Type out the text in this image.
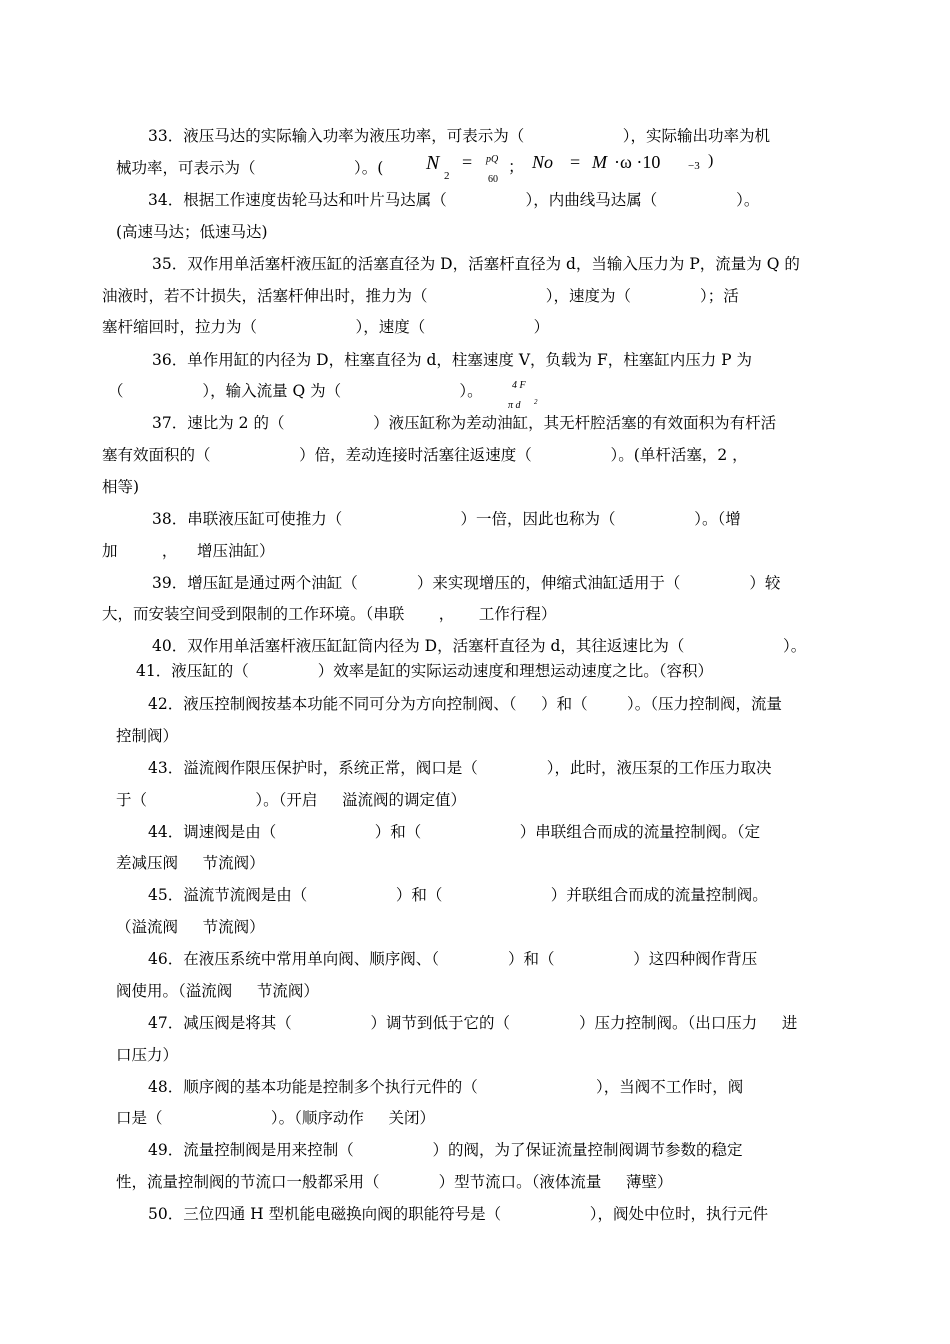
33．液压马达的实际输入功率为液压功率，可表示为（                    ），实际输出功率为机
械功率，可表示为（                    ）。( N
2
= pQ
60
； No = M ·ω ·10	−3 )
34．根据工作速度齿轮马达和叶片马达属（                ），内曲线马达属（                ）。
(高速马达；低速马达)
35．双作用单活塞杆液压缸的活塞直径为 D，活塞杆直径为 d，当输入压力为 P，流量为 Q 的
油液时，若不计损失，活塞杆伸出时，推力为（                        ），速度为（              ）；活
塞杆缩回时，拉力为（                    ），速度（                      ）
36．单作用缸的内径为 D，柱塞直径为 d，柱塞速度 V，负载为 F，柱塞缸内压力 P 为
（                ），输入流量 Q 为（                        ）。	4 F
π d 2
37．速比为 2 的（                  ）液压缸称为差动油缸，其无杆腔活塞的有效面积为有杆活
塞有效面积的（                  ）倍，差动连接时活塞往返速度（                ）。(单杆活塞，2 ，
相等)
38．串联液压缸可使推力（                        ）一倍，因此也称为（                ）。（增
加         ，    增压油缸）
39．增压缸是通过两个油缸（            ）来实现增压的，伸缩式油缸适用于（              ）较
大，而安装空间受到限制的工作环境。（串联       ，     工作行程）
40．双作用单活塞杆液压缸缸筒内径为 D，活塞杆直径为 d，其往返速比为（                    ）。
41．液压缸的（              ）效率是缸的实际运动速度和理想运动速度之比。（容积）
42．液压控制阀按基本功能不同可分为方向控制阀、（     ）和（        ）。（压力控制阀，流量
控制阀）
43．溢流阀作限压保护时，系统正常，阀口是（              ），此时，液压泵的工作压力取决
于（                      ）。（开启     溢流阀的调定值）
44．调速阀是由（                    ）和（                    ）串联组合而成的流量控制阀。（定
差减压阀     节流阀）
45．溢流节流阀是由（                  ）和（                      ）并联组合而成的流量控制阀。
（溢流阀     节流阀）
46．在液压系统中常用单向阀、顺序阀、（              ）和（                ）这四种阀作背压
阀使用。（溢流阀     节流阀）
47．减压阀是将其（                ）调节到低于它的（              ）压力控制阀。（出口压力     进
口压力）
48．顺序阀的基本功能是控制多个执行元件的（                        ），当阀不工作时，阀
口是（                      ）。（顺序动作     关闭）
49．流量控制阀是用来控制（                ）的阀，为了保证流量控制阀调节参数的稳定
性，流量控制阀的节流口一般都采用（            ）型节流口。（液体流量     薄壁）
50．三位四通 H 型机能电磁换向阀的职能符号是（                  ），阀处中位时，执行元件
